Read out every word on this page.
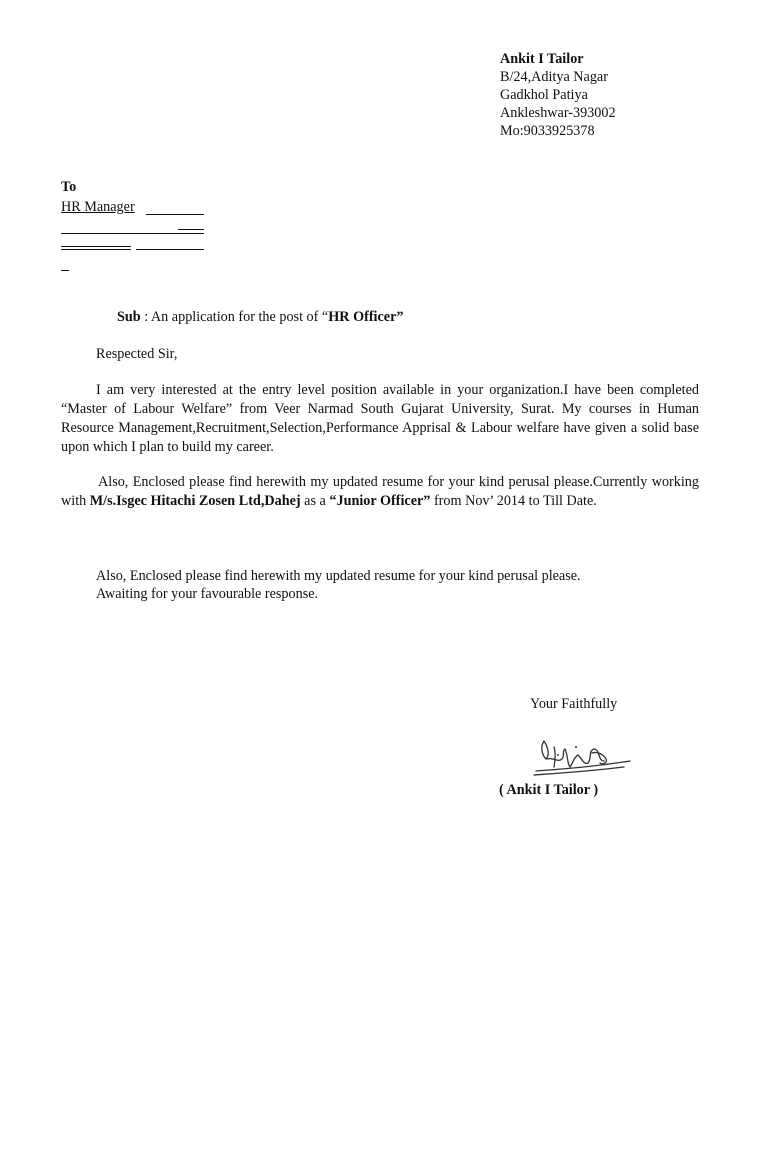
Ankit I Tailor
B/24,Aditya Nagar
Gadkhol Patiya
Ankleshwar-393002
Mo:9033925378
To
HR Manager
Sub : An application for the post of “HR Officer”
Respected Sir,
I am very interested at the entry level position available in your organization.I have been completed “Master of Labour Welfare” from Veer Narmad South Gujarat University, Surat. My courses in Human Resource Management,Recruitment,Selection,Performance Apprisal & Labour welfare have given a solid base upon which I plan to build my career.
Also, Enclosed please find herewith my updated resume for your kind perusal please.Currently working with M/s.Isgec Hitachi Zosen Ltd,Dahej as a “Junior Officer” from Nov’ 2014 to Till Date.
Also, Enclosed please find herewith my updated resume for your kind perusal please.
Awaiting for your favourable response.
Your Faithfully
( Ankit I Tailor )
